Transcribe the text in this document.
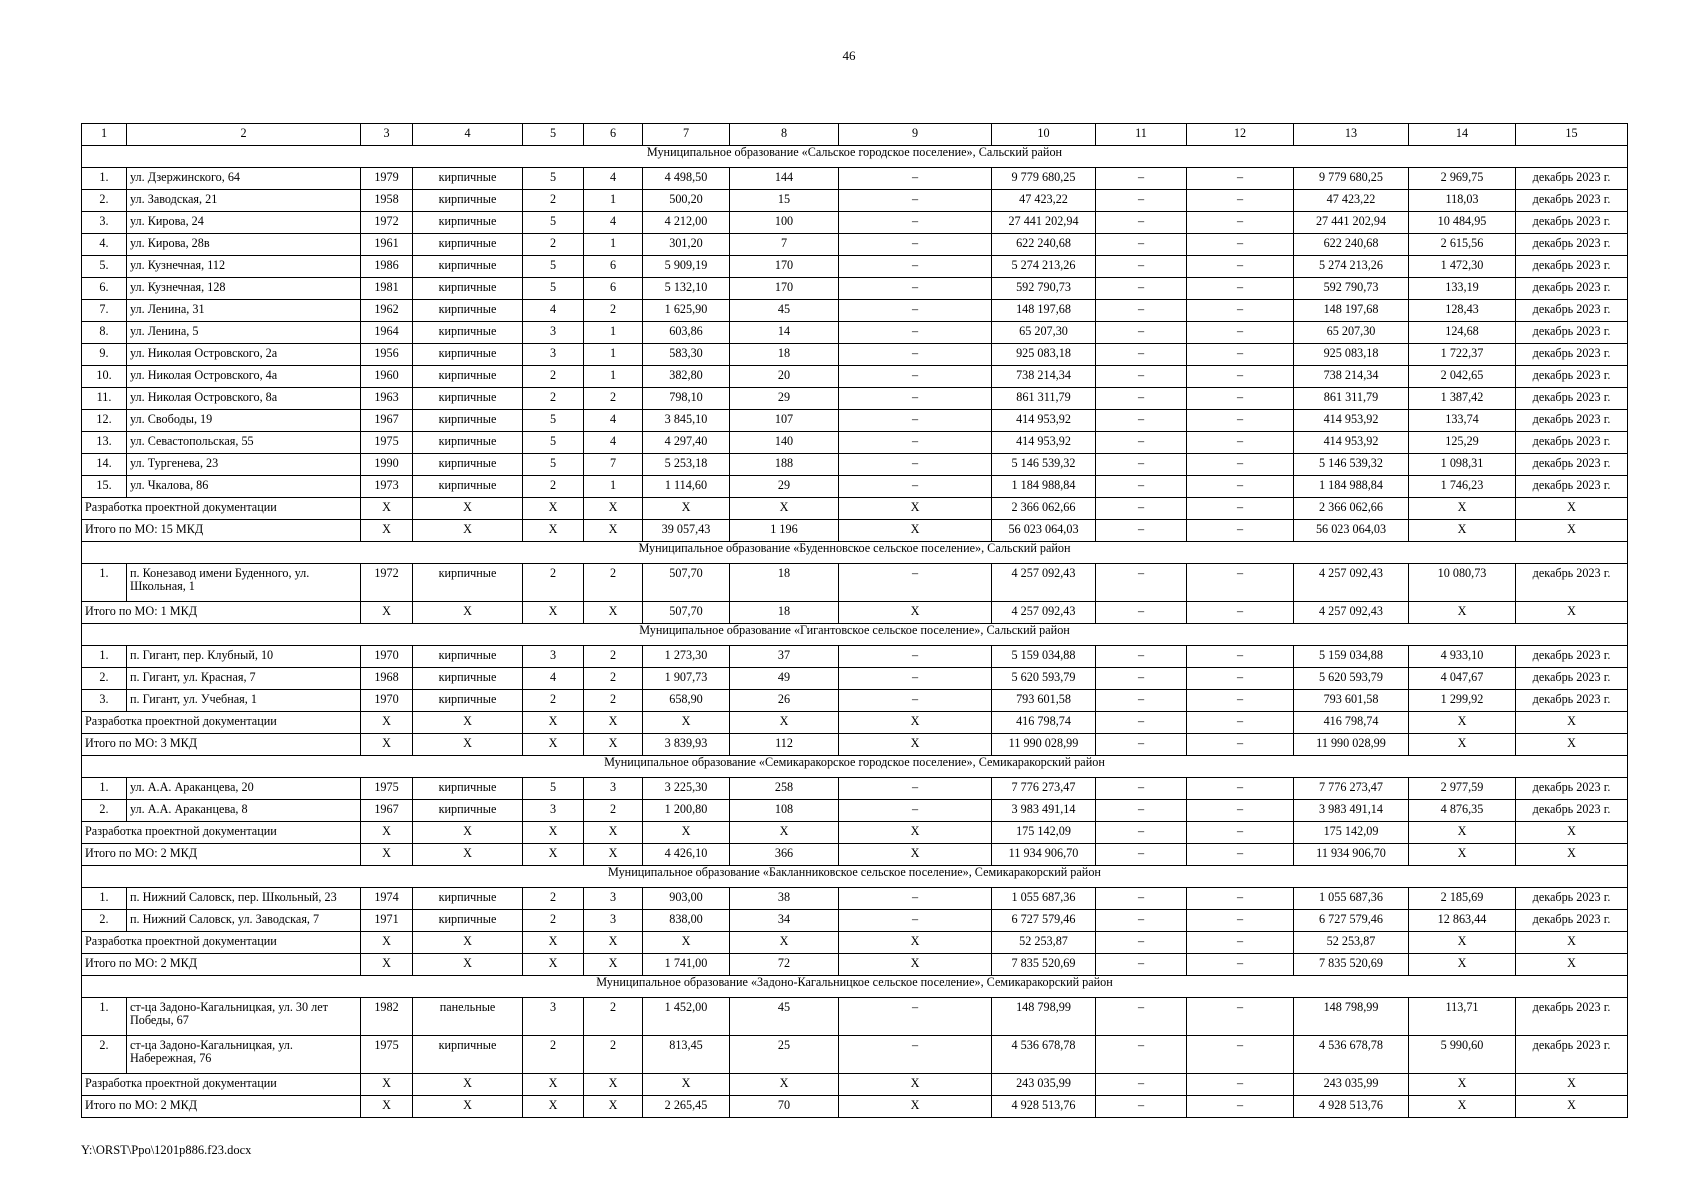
46
1	2	3	4	5	6	7	8	9	10	11	12	13	14	15
Муниципальное образование «Сальское городское поселение», Сальский район														
1.	ул. Дзержинского, 64	1979	кирпичные	5	4	4 498,50	144	–	9 779 680,25	–	–	9 779 680,25	2 969,75	декабрь 2023 г.
2.	ул. Заводская, 21	1958	кирпичные	2	1	500,20	15	–	47 423,22	–	–	47 423,22	118,03	декабрь 2023 г.
3.	ул. Кирова, 24	1972	кирпичные	5	4	4 212,00	100	–	27 441 202,94	–	–	27 441 202,94	10 484,95	декабрь 2023 г.
4.	ул. Кирова, 28в	1961	кирпичные	2	1	301,20	7	–	622 240,68	–	–	622 240,68	2 615,56	декабрь 2023 г.
5.	ул. Кузнечная, 112	1986	кирпичные	5	6	5 909,19	170	–	5 274 213,26	–	–	5 274 213,26	1 472,30	декабрь 2023 г.
6.	ул. Кузнечная, 128	1981	кирпичные	5	6	5 132,10	170	–	592 790,73	–	–	592 790,73	133,19	декабрь 2023 г.
7.	ул. Ленина, 31	1962	кирпичные	4	2	1 625,90	45	–	148 197,68	–	–	148 197,68	128,43	декабрь 2023 г.
8.	ул. Ленина, 5	1964	кирпичные	3	1	603,86	14	–	65 207,30	–	–	65 207,30	124,68	декабрь 2023 г.
9.	ул. Николая Островского, 2а	1956	кирпичные	3	1	583,30	18	–	925 083,18	–	–	925 083,18	1 722,37	декабрь 2023 г.
10.	ул. Николая Островского, 4а	1960	кирпичные	2	1	382,80	20	–	738 214,34	–	–	738 214,34	2 042,65	декабрь 2023 г.
11.	ул. Николая Островского, 8а	1963	кирпичные	2	2	798,10	29	–	861 311,79	–	–	861 311,79	1 387,42	декабрь 2023 г.
12.	ул. Свободы, 19	1967	кирпичные	5	4	3 845,10	107	–	414 953,92	–	–	414 953,92	133,74	декабрь 2023 г.
13.	ул. Севастопольская, 55	1975	кирпичные	5	4	4 297,40	140	–	414 953,92	–	–	414 953,92	125,29	декабрь 2023 г.
14.	ул. Тургенева, 23	1990	кирпичные	5	7	5 253,18	188	–	5 146 539,32	–	–	5 146 539,32	1 098,31	декабрь 2023 г.
15.	ул. Чкалова, 86	1973	кирпичные	2	1	1 114,60	29	–	1 184 988,84	–	–	1 184 988,84	1 746,23	декабрь 2023 г.
Разработка проектной документации		X	X	X	X	X	X	X	2 366 062,66	–	–	2 366 062,66	X	X
Итого по МО: 15 МКД		X	X	X	X	39 057,43	1 196	X	56 023 064,03	–	–	56 023 064,03	X	X
Муниципальное образование «Буденновское сельское поселение», Сальский район														
1.	п. Конезавод имени Буденного, ул. Школьная, 1	1972	кирпичные	2	2	507,70	18	–	4 257 092,43	–	–	4 257 092,43	10 080,73	декабрь 2023 г.
Итого по МО: 1 МКД		X	X	X	X	507,70	18	X	4 257 092,43	–	–	4 257 092,43	X	X
Муниципальное образование «Гигантовское сельское поселение», Сальский район														
1.	п. Гигант, пер. Клубный, 10	1970	кирпичные	3	2	1 273,30	37	–	5 159 034,88	–	–	5 159 034,88	4 933,10	декабрь 2023 г.
2.	п. Гигант, ул. Красная, 7	1968	кирпичные	4	2	1 907,73	49	–	5 620 593,79	–	–	5 620 593,79	4 047,67	декабрь 2023 г.
3.	п. Гигант, ул. Учебная, 1	1970	кирпичные	2	2	658,90	26	–	793 601,58	–	–	793 601,58	1 299,92	декабрь 2023 г.
Разработка проектной документации		X	X	X	X	X	X	X	416 798,74	–	–	416 798,74	X	X
Итого по МО: 3 МКД		X	X	X	X	3 839,93	112	X	11 990 028,99	–	–	11 990 028,99	X	X
Муниципальное образование «Семикаракорское городское поселение», Семикаракорский район														
1.	ул. А.А. Араканцева, 20	1975	кирпичные	5	3	3 225,30	258	–	7 776 273,47	–	–	7 776 273,47	2 977,59	декабрь 2023 г.
2.	ул. А.А. Араканцева, 8	1967	кирпичные	3	2	1 200,80	108	–	3 983 491,14	–	–	3 983 491,14	4 876,35	декабрь 2023 г.
Разработка проектной документации		X	X	X	X	X	X	X	175 142,09	–	–	175 142,09	X	X
Итого по МО: 2 МКД		X	X	X	X	4 426,10	366	X	11 934 906,70	–	–	11 934 906,70	X	X
Муниципальное образование «Бакланниковское сельское поселение», Семикаракорский район														
1.	п. Нижний Саловск, пер. Школьный, 23	1974	кирпичные	2	3	903,00	38	–	1 055 687,36	–	–	1 055 687,36	2 185,69	декабрь 2023 г.
2.	п. Нижний Саловск, ул. Заводская, 7	1971	кирпичные	2	3	838,00	34	–	6 727 579,46	–	–	6 727 579,46	12 863,44	декабрь 2023 г.
Разработка проектной документации		X	X	X	X	X	X	X	52 253,87	–	–	52 253,87	X	X
Итого по МО: 2 МКД		X	X	X	X	1 741,00	72	X	7 835 520,69	–	–	7 835 520,69	X	X
Муниципальное образование «Задоно-Кагальницкое сельское поселение», Семикаракорский район														
1.	ст-ца Задоно-Кагальницкая, ул. 30 лет Победы, 67	1982	панельные	3	2	1 452,00	45	–	148 798,99	–	–	148 798,99	113,71	декабрь 2023 г.
2.	ст-ца Задоно-Кагальницкая, ул. Набережная, 76	1975	кирпичные	2	2	813,45	25	–	4 536 678,78	–	–	4 536 678,78	5 990,60	декабрь 2023 г.
Разработка проектной документации		X	X	X	X	X	X	X	243 035,99	–	–	243 035,99	X	X
Итого по МО: 2 МКД		X	X	X	X	2 265,45	70	X	4 928 513,76	–	–	4 928 513,76	X	X
Y:\ORST\Ppo\1201p886.f23.docx
